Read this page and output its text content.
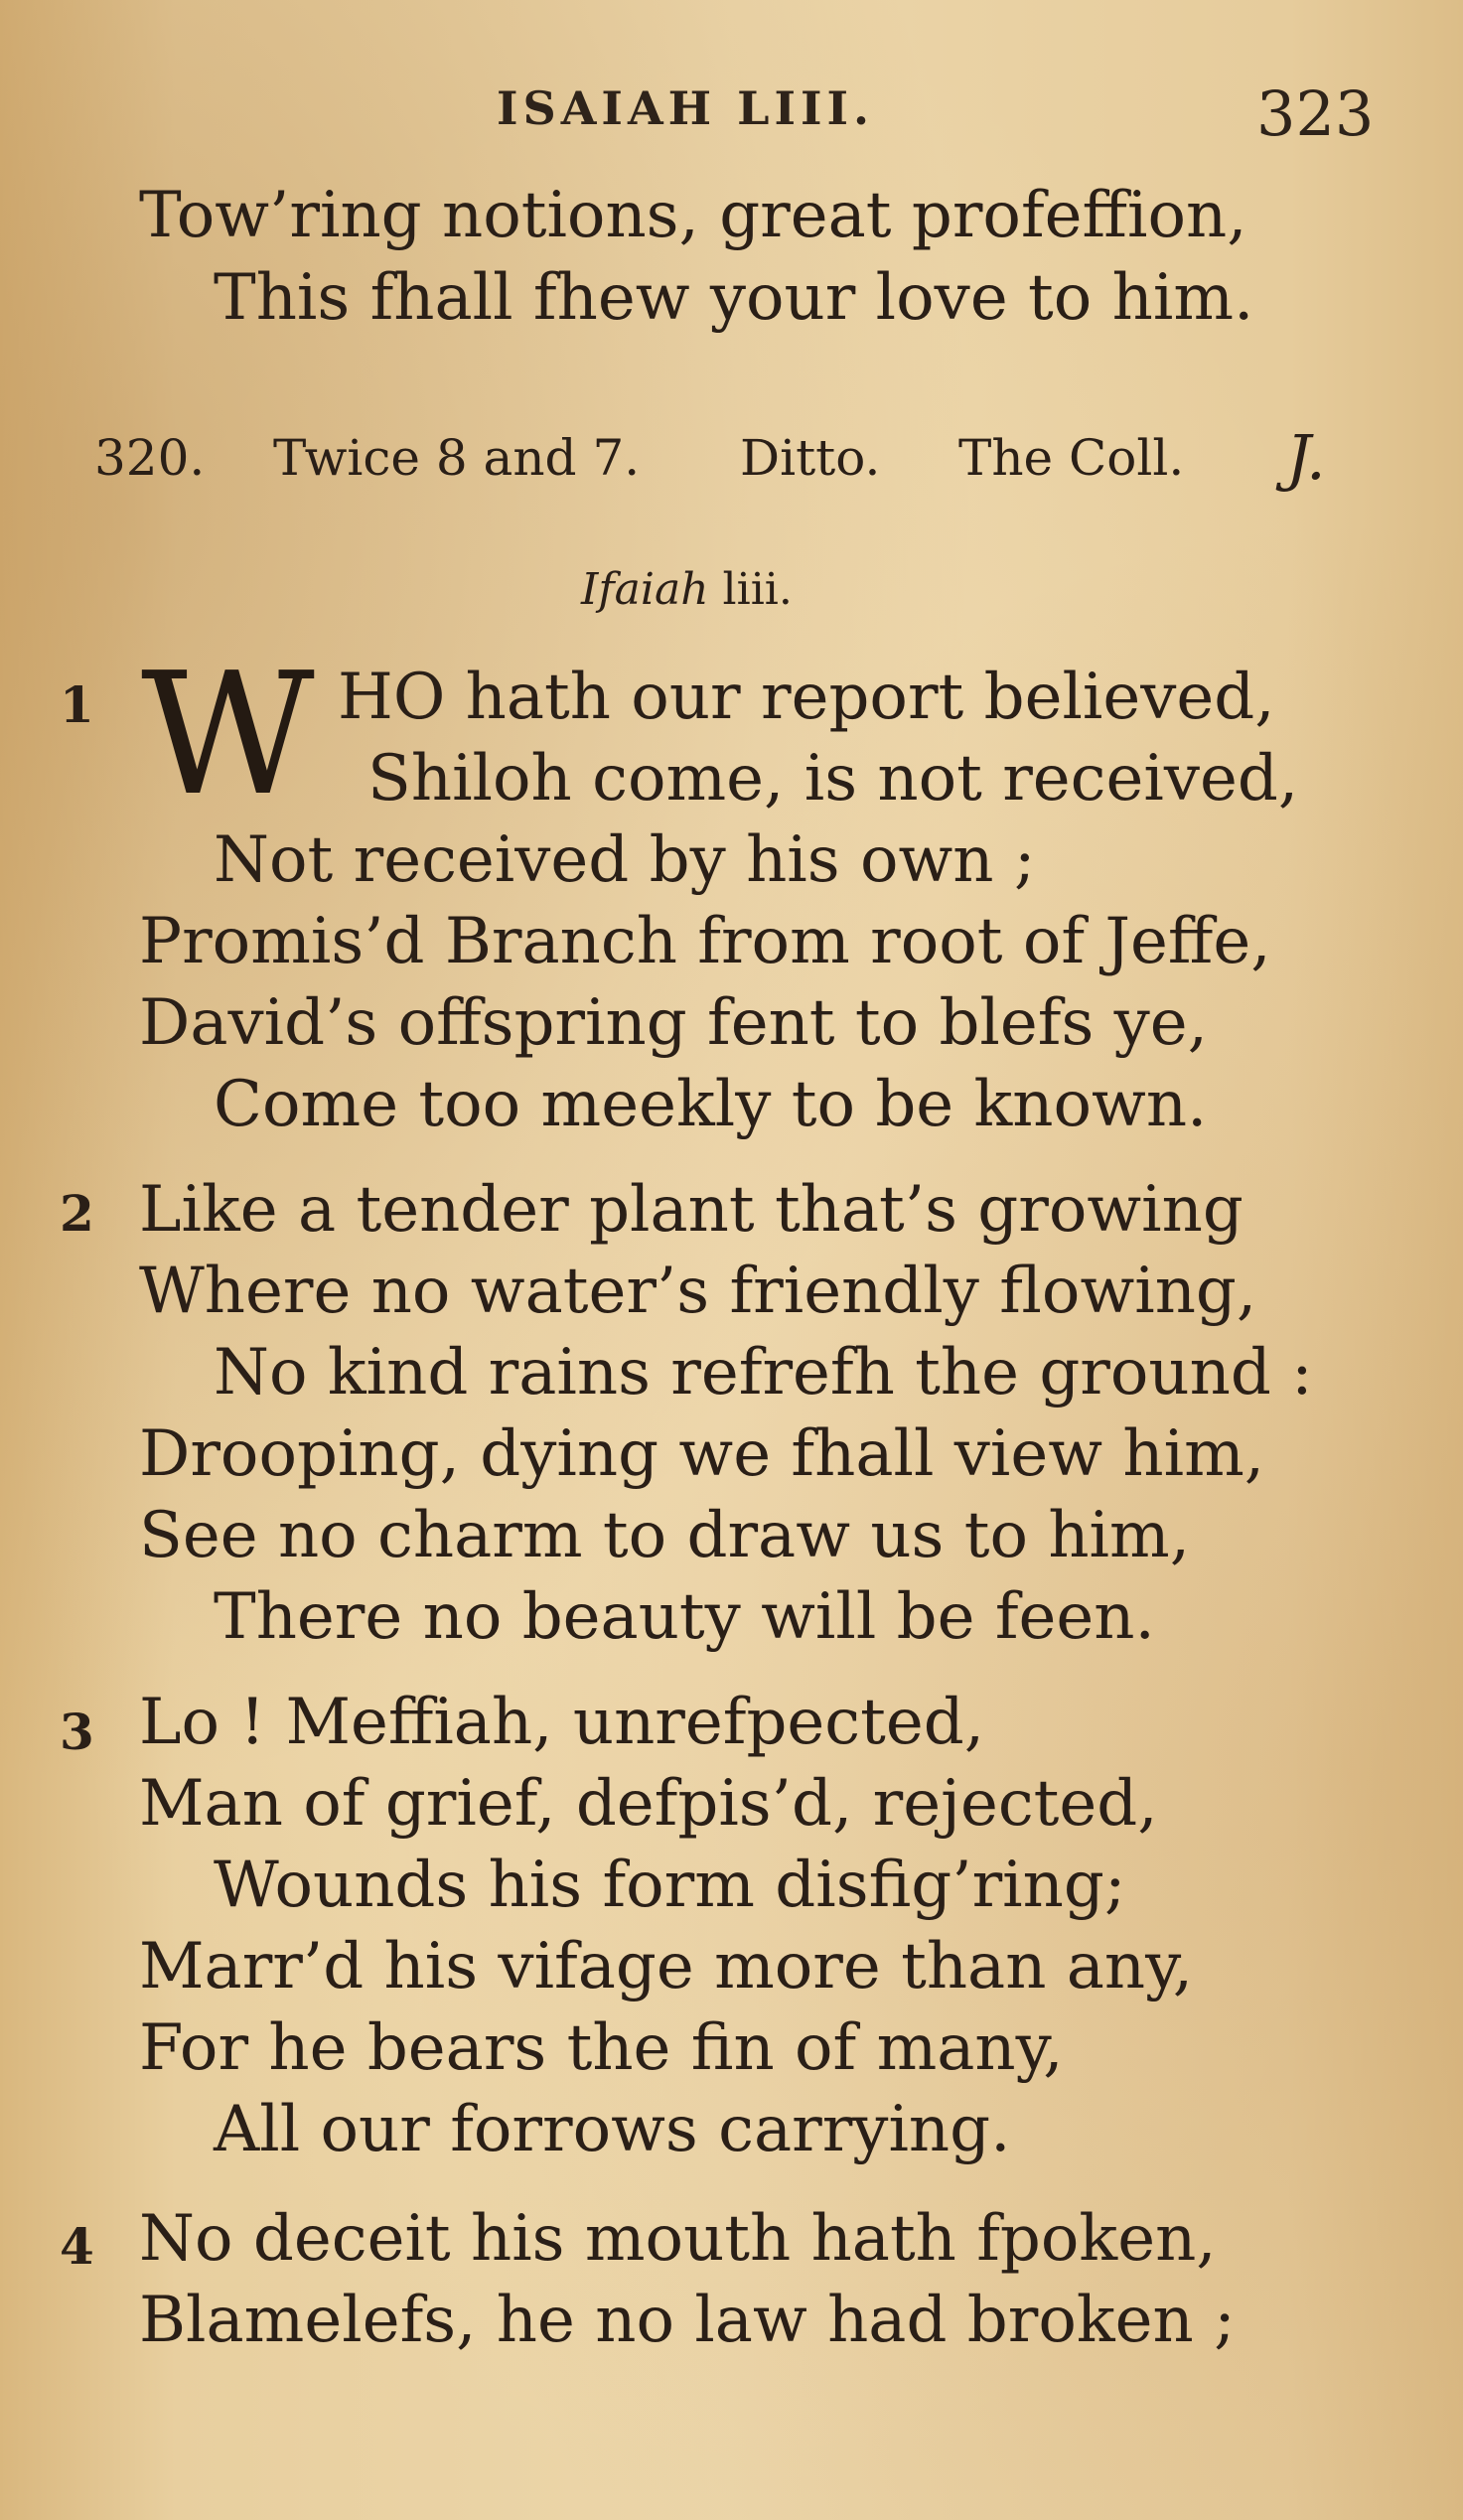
ISAIAH LIII.	323
Tow’ring notions, great profeffion,
This fhall fhew your love to him.
320. Twice 8 and 7. Ditto. The Coll. J.
Ifaiah liii.
W
1	HO hath our report believed,
Shiloh come, is not received,
Not received by his own ;
Promis’d Branch from root of Jeffe,
David’s offspring fent to blefs ye,
Come too meekly to be known.
2 Like a tender plant that’s growing
Where no water’s friendly flowing,
No kind rains refrefh the ground :
Drooping, dying we fhall view him,
See no charm to draw us to him,
There no beauty will be feen.
3 Lo ! Meffiah, unrefpected,
Man of grief, defpis’d, rejected,
Wounds his form disfig’ring;
Marr’d his vifage more than any,
For he bears the fin of many,
All our forrows carrying.
4 No deceit his mouth hath fpoken,
Blamelefs, he no law had broken ;
